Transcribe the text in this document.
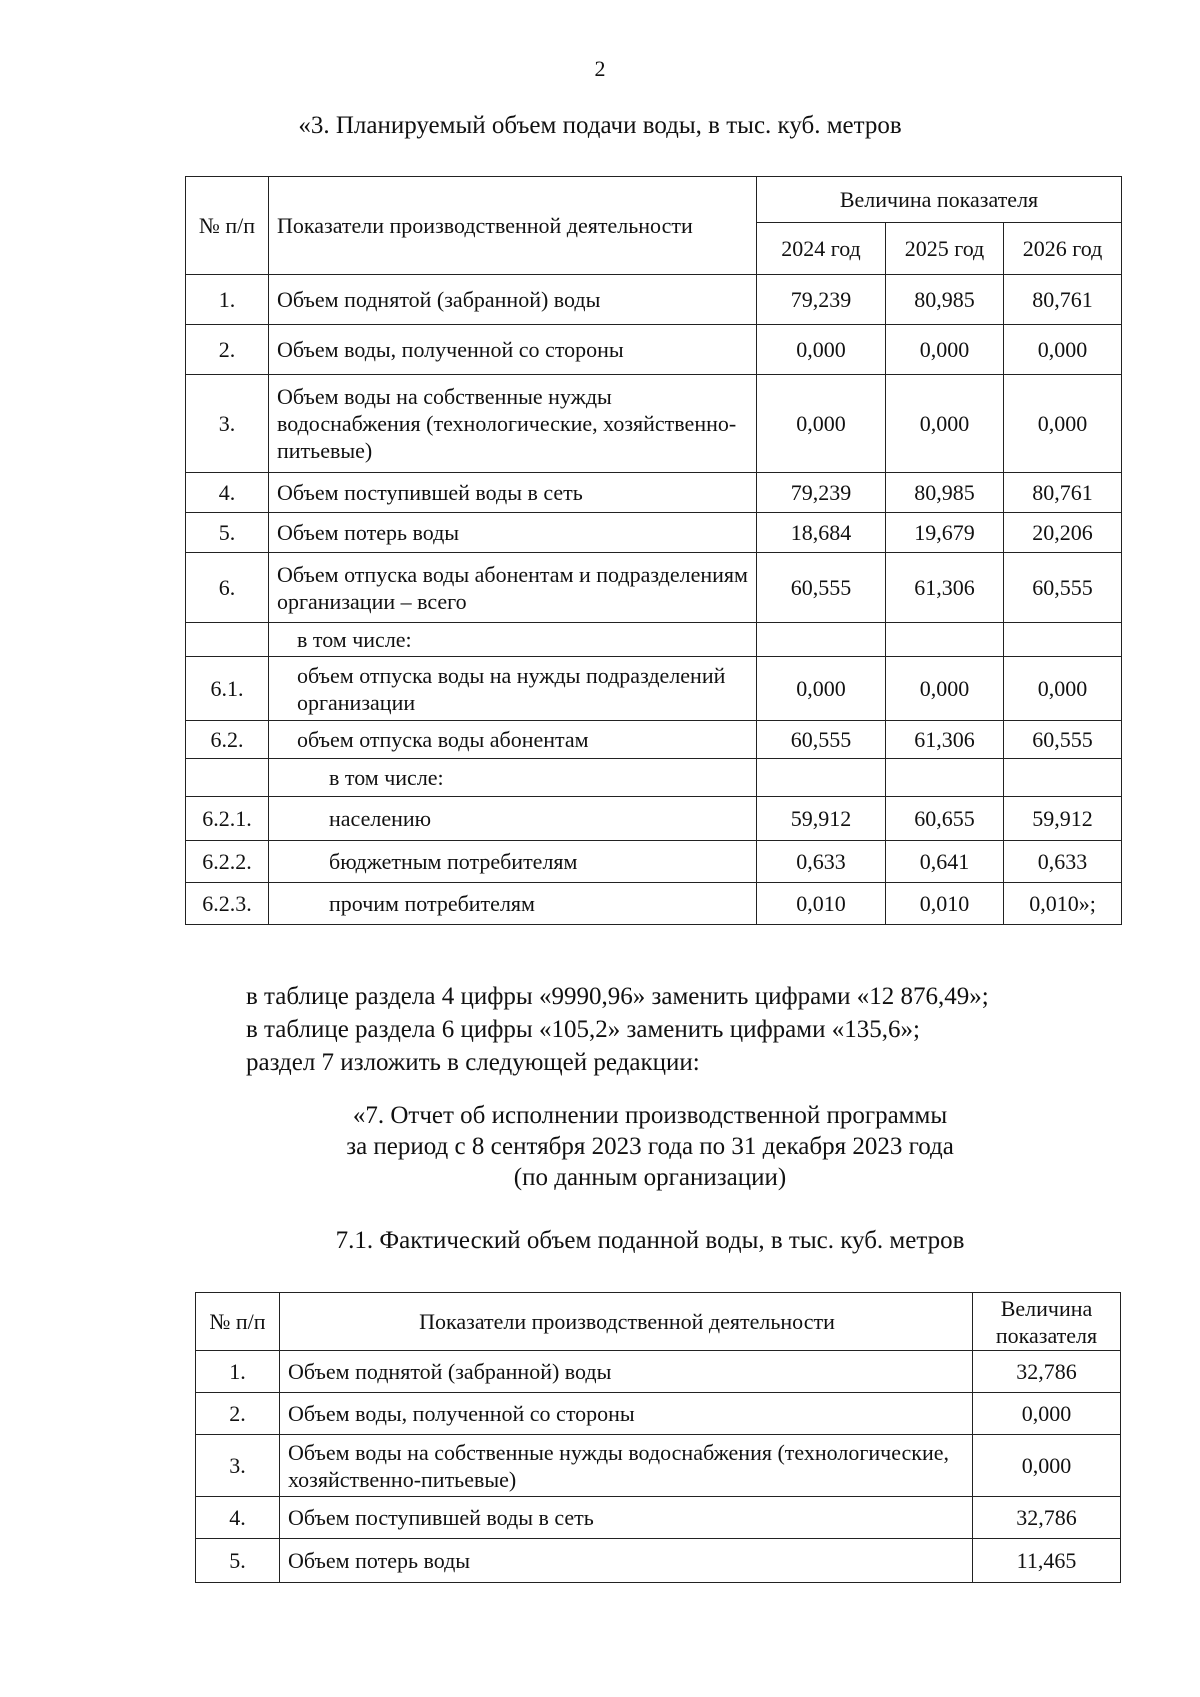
2
«3. Планируемый объем подачи воды, в тыс. куб. метров
№ п/п	Показатели производственной деятельности	Величина показателя		
		2024 год	2025 год	2026 год
1.	Объем поднятой (забранной) воды	79,239	80,985	80,761
2.	Объем воды, полученной со стороны	0,000	0,000	0,000
3.	Объем воды на собственные нужды водоснабжения (технологические, хозяйственно-питьевые)	0,000	0,000	0,000
4.	Объем поступившей воды в сеть	79,239	80,985	80,761
5.	Объем потерь воды	18,684	19,679	20,206
6.	Объем отпуска воды абонентам и подразделениям организации – всего	60,555	61,306	60,555
	в том числе:			
6.1.	объем отпуска воды на нужды подразделений организации	0,000	0,000	0,000
6.2.	объем отпуска воды абонентам	60,555	61,306	60,555
	в том числе:			
6.2.1.	населению	59,912	60,655	59,912
6.2.2.	бюджетным потребителям	0,633	0,641	0,633
6.2.3.	прочим потребителям	0,010	0,010	0,010»;
в таблице раздела 4 цифры «9990,96» заменить цифрами «12 876,49»;
в таблице раздела 6 цифры «105,2» заменить цифрами «135,6»;
раздел 7 изложить в следующей редакции:
«7. Отчет об исполнении производственной программы
за период с 8 сентября 2023 года по 31 декабря 2023 года
(по данным организации)
7.1. Фактический объем поданной воды, в тыс. куб. метров
№ п/п	Показатели производственной деятельности	Величина показателя
1.	Объем поднятой (забранной) воды	32,786
2.	Объем воды, полученной со стороны	0,000
3.	Объем воды на собственные нужды водоснабжения (технологические, хозяйственно-питьевые)	0,000
4.	Объем поступившей воды в сеть	32,786
5.	Объем потерь воды	11,465
